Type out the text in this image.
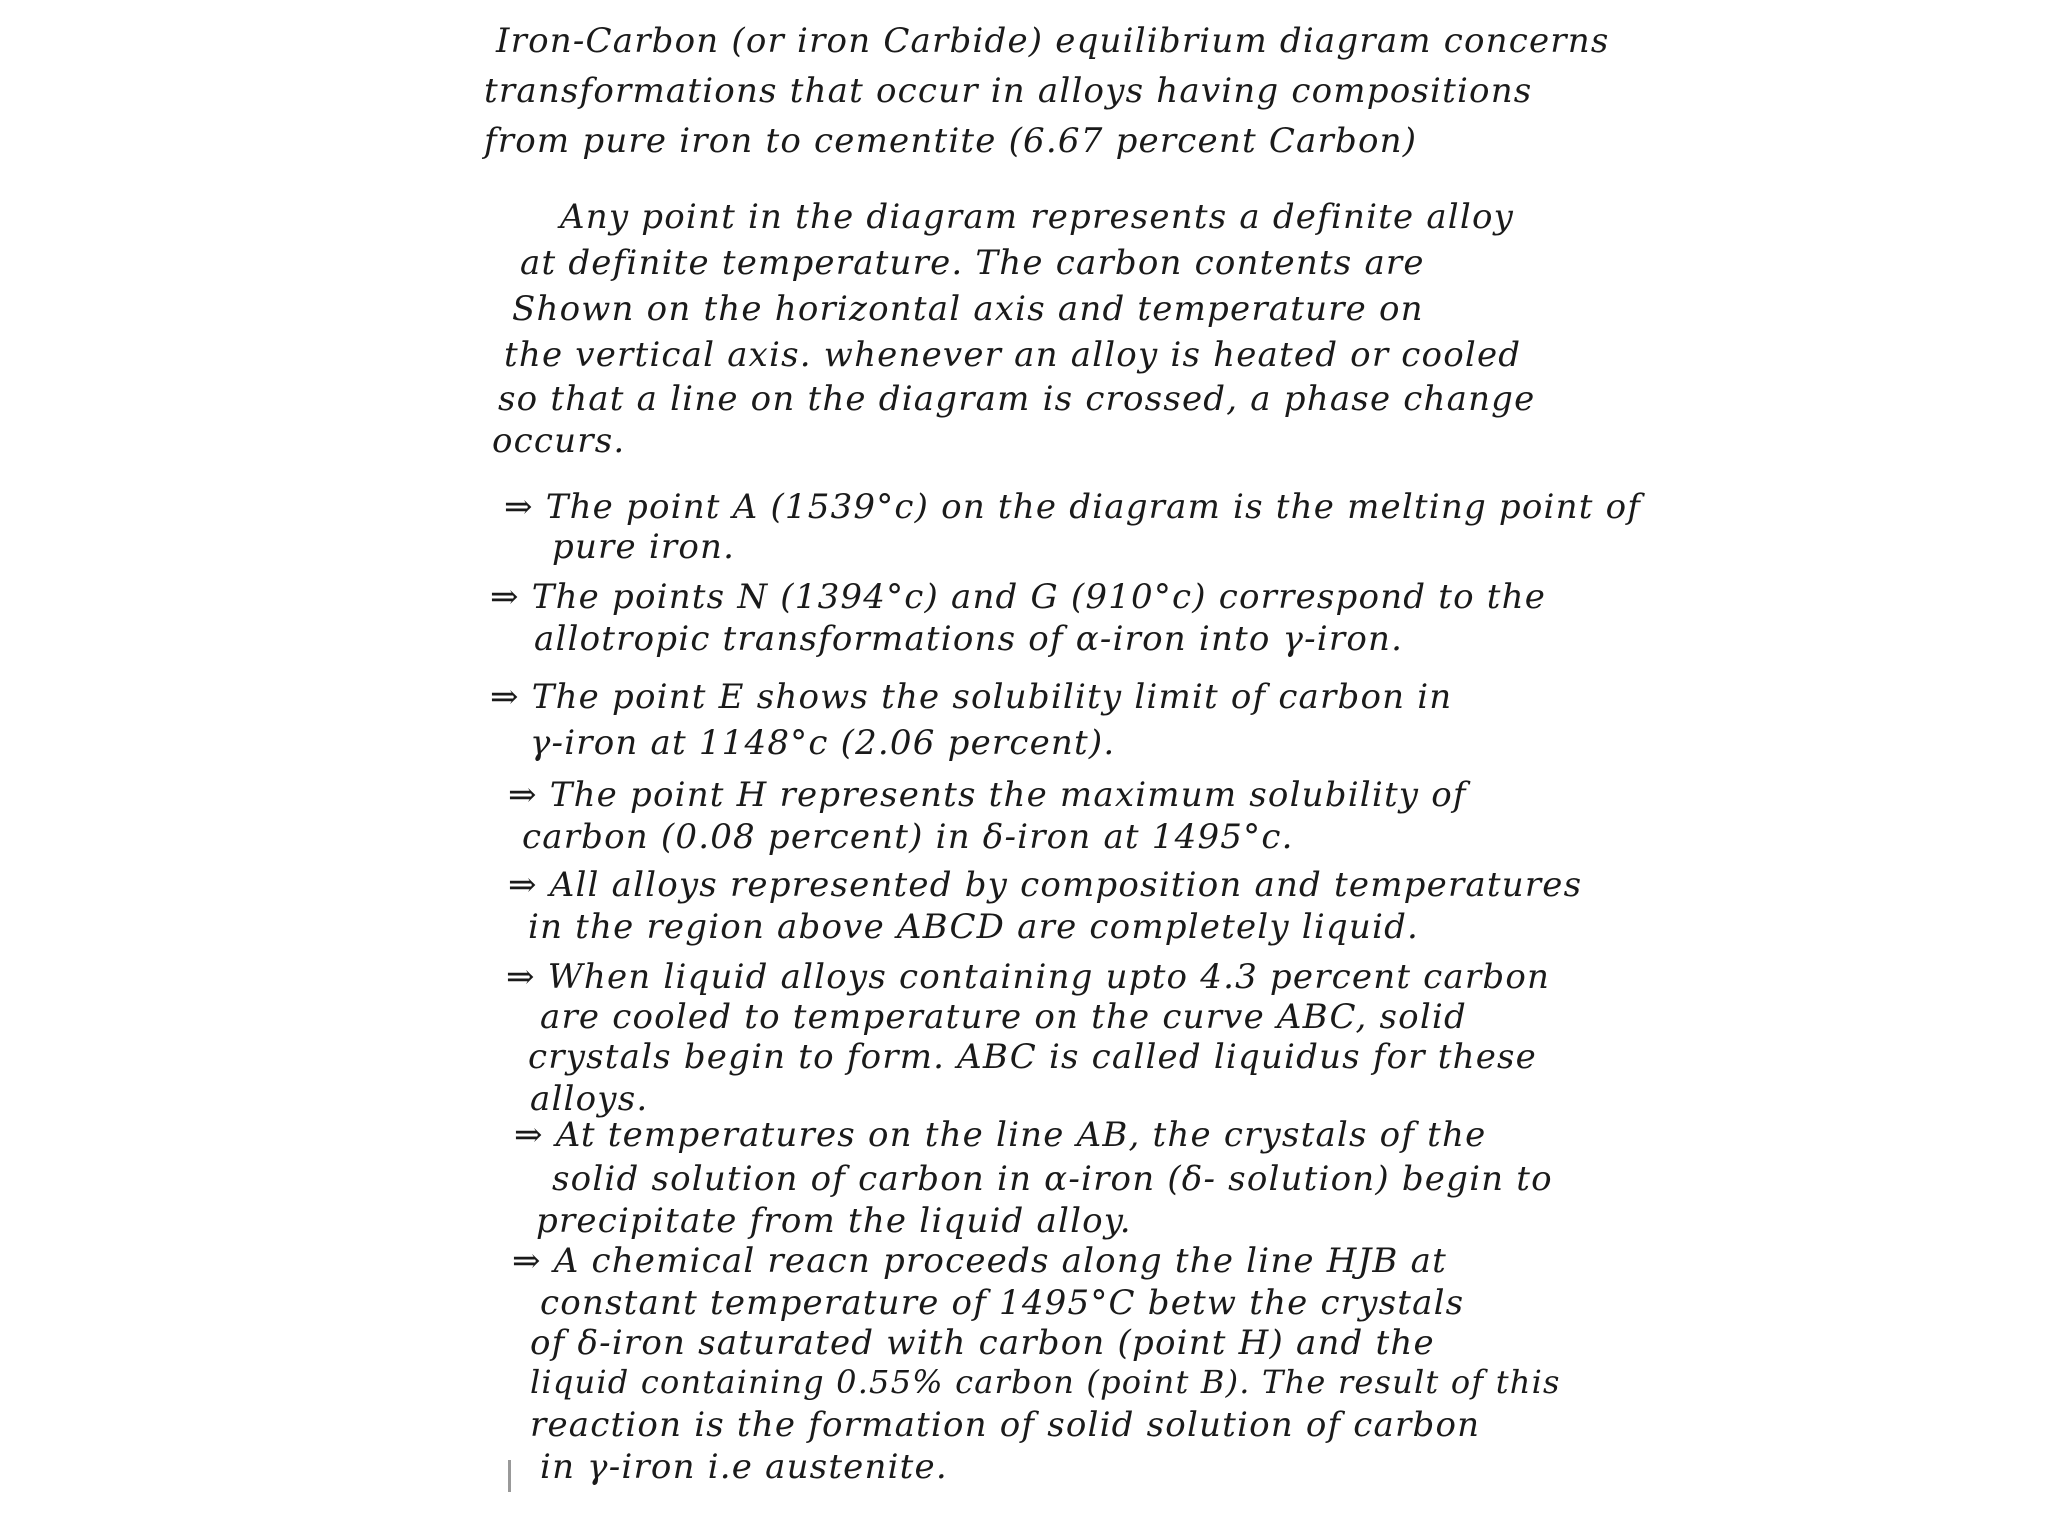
Iron-Carbon (or iron Carbide) equilibrium diagram concerns
transformations that occur in alloys having compositions
from pure iron to cementite (6.67 percent Carbon)
Any point in the diagram represents a definite alloy
at definite temperature. The carbon contents are
Shown on the horizontal axis and temperature on
the vertical axis. whenever an alloy is heated or cooled
so that a line on the diagram is crossed, a phase change
occurs.
⇒ The point A (1539°c) on the diagram is the melting point of
pure iron.
⇒ The points N (1394°c) and G (910°c) correspond to the
allotropic transformations of α-iron into γ-iron.
⇒ The point E shows the solubility limit of carbon in
γ-iron at 1148°c (2.06 percent).
⇒ The point H represents the maximum solubility of
carbon (0.08 percent) in δ-iron at 1495°c.
⇒ All alloys represented by composition and temperatures
in the region above ABCD are completely liquid.
⇒ When liquid alloys containing upto 4.3 percent carbon
are cooled to temperature on the curve ABC, solid
crystals begin to form. ABC is called liquidus for these
alloys.
⇒ At temperatures on the line AB, the crystals of the
solid solution of carbon in α-iron (δ- solution) begin to
precipitate from the liquid alloy.
⇒ A chemical reacn proceeds along the line HJB at
constant temperature of 1495°C betw the crystals
of δ-iron saturated with carbon (point H) and the
liquid containing 0.55% carbon (point B). The result of this
reaction is the formation of solid solution of carbon
in γ-iron i.e austenite.
